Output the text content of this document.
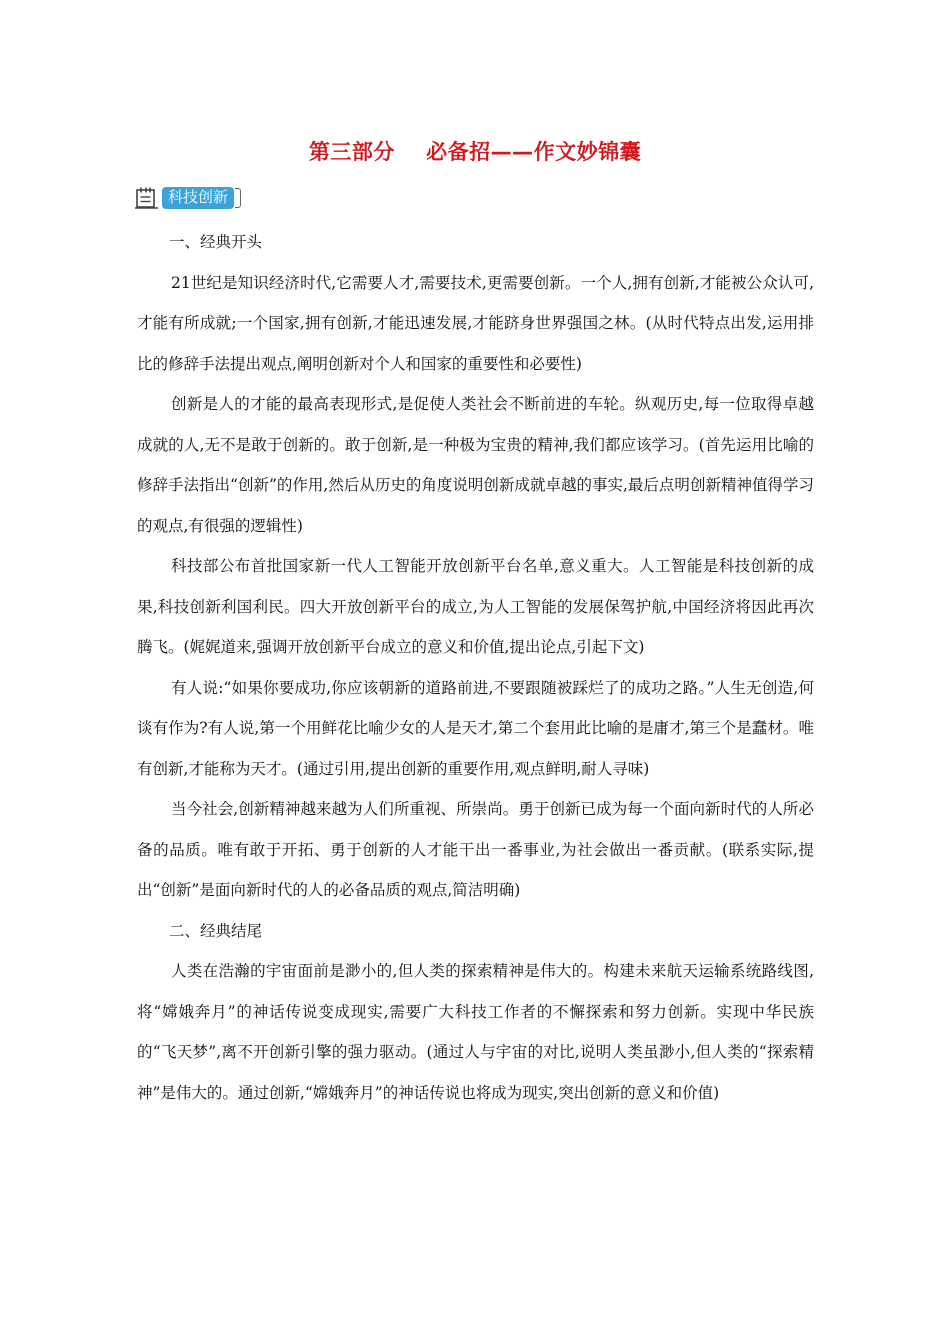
第三部分    必备招——作文妙锦囊
科技创新

一、经典开头

21世纪是知识经济时代,它需要人才,需要技术,更需要创新。一个人,拥有创新,才能被公众认可,才能有所成就;一个国家,拥有创新,才能迅速发展,才能跻身世界强国之林。(从时代特点出发,运用排比的修辞手法提出观点,阐明创新对个人和国家的重要性和必要性)

创新是人的才能的最高表现形式,是促使人类社会不断前进的车轮。纵观历史,每一位取得卓越成就的人,无不是敢于创新的。敢于创新,是一种极为宝贵的精神,我们都应该学习。(首先运用比喻的修辞手法指出“创新”的作用,然后从历史的角度说明创新成就卓越的事实,最后点明创新精神值得学习的观点,有很强的逻辑性)

科技部公布首批国家新一代人工智能开放创新平台名单,意义重大。人工智能是科技创新的成果,科技创新利国利民。四大开放创新平台的成立,为人工智能的发展保驾护航,中国经济将因此再次腾飞。(娓娓道来,强调开放创新平台成立的意义和价值,提出论点,引起下文)

有人说:“如果你要成功,你应该朝新的道路前进,不要跟随被踩烂了的成功之路。”人生无创造,何谈有作为?有人说,第一个用鲜花比喻少女的人是天才,第二个套用此比喻的是庸才,第三个是蠢材。唯有创新,才能称为天才。(通过引用,提出创新的重要作用,观点鲜明,耐人寻味)

当今社会,创新精神越来越为人们所重视、所崇尚。勇于创新已成为每一个面向新时代的人所必备的品质。唯有敢于开拓、勇于创新的人才能干出一番事业,为社会做出一番贡献。(联系实际,提出“创新”是面向新时代的人的必备品质的观点,简洁明确)

二、经典结尾

人类在浩瀚的宇宙面前是渺小的,但人类的探索精神是伟大的。构建未来航天运输系统路线图,将“嫦娥奔月”的神话传说变成现实,需要广大科技工作者的不懈探索和努力创新。实现中华民族的“飞天梦”,离不开创新引擎的强力驱动。(通过人与宇宙的对比,说明人类虽渺小,但人类的“探索精神”是伟大的。通过创新,“嫦娥奔月”的神话传说也将成为现实,突出创新的意义和价值)
